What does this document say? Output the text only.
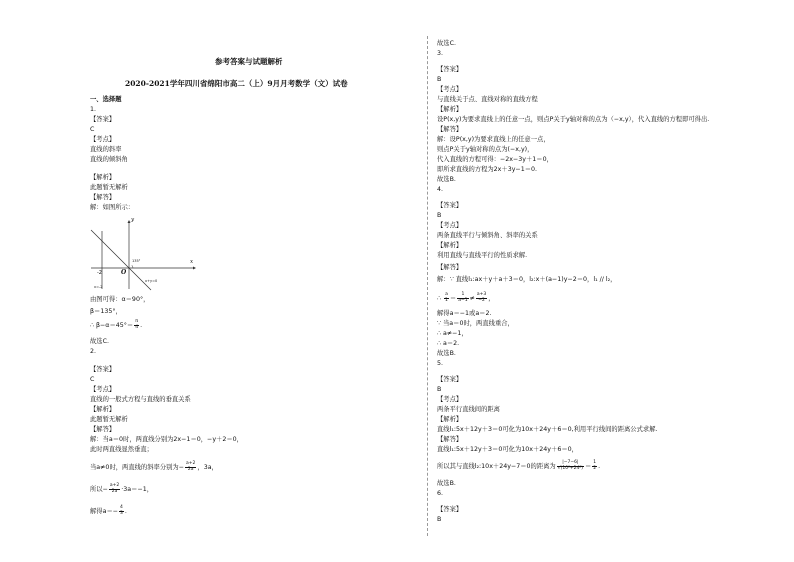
参考答案与试题解析
2020-2021学年四川省绵阳市高二（上）9月月考数学（文）试卷
一、选择题
1.
【答案】
C
【考点】
直线的斜率
直线的倾斜角
【解析】
此题暂无解析
【解答】
解：如图所示：
由图可得：α＝90°，
β＝135°，
∴ $\beta-\alpha=45^\circ= \frac{\pi}{4}$ .
故选C.
2.
【答案】
C
【考点】
直线的一般式方程与直线的垂直关系
【解析】
此题暂无解析
【解答】
解：当a＝0时，两直线分别为2x−1＝0，−y＋2＝0，
此时两直线显然垂直；
当a≠0时，两直线的斜率分别为− $\frac{a+2}{2a}$ ，3a，
所以− $\frac{a+2}{2a} \cdot 3a=-1$，
解得$a=- \frac{4}{3}$ .
y
x
O
-2
135°
x+y=0
x=-2
故选C.
3.
【答案】
B
【考点】
与直线关于点、直线对称的直线方程
【解析】
设P(x,y)为要求直线上的任意一点，则点P关于y轴对称的点为（−x,y），代入直线的方程即可得出.
【解答】
解：设P(x,y)为要求直线上的任意一点，
则点P关于y轴对称的点为(−x,y)，
代入直线的方程可得：−2x−3y＋1＝0，
即所求直线的方程为2x＋3y−1＝0.
故选B.
4.
【答案】
B
【考点】
两条直线平行与倾斜角、斜率的关系
【解析】
利用直线与直线平行的性质求解.
【解答】
解：∵ 直线l₁:ax＋y＋a＋3＝0，l₂:x＋(a−1)y−2＝0，l₁ // l₂，
∴ $\frac{a}{1} = \frac{1}{a-1} \ne \frac{a+3}{-2}$ ，
解得a＝−1或a＝2.
∵ 当a＝0时，两直线重合，
∴ a≠−1，
∴ a＝2.
故选B.
5.
【答案】
B
【考点】
两条平行直线间的距离
【解析】
直线l₁:5x＋12y＋3＝0可化为10x＋24y＋6＝0,利用平行线间的距离公式求解.
【解答】
直线l₁:5x＋12y＋3＝0可化为10x＋24y＋6＝0，
所以其与直线l₂:10x＋24y−7＝0的距离为 $\frac{|-7-6|}{\text{√(10²+24²)}} = \frac{1}{2}$ .
故选B.
6.
【答案】
B
